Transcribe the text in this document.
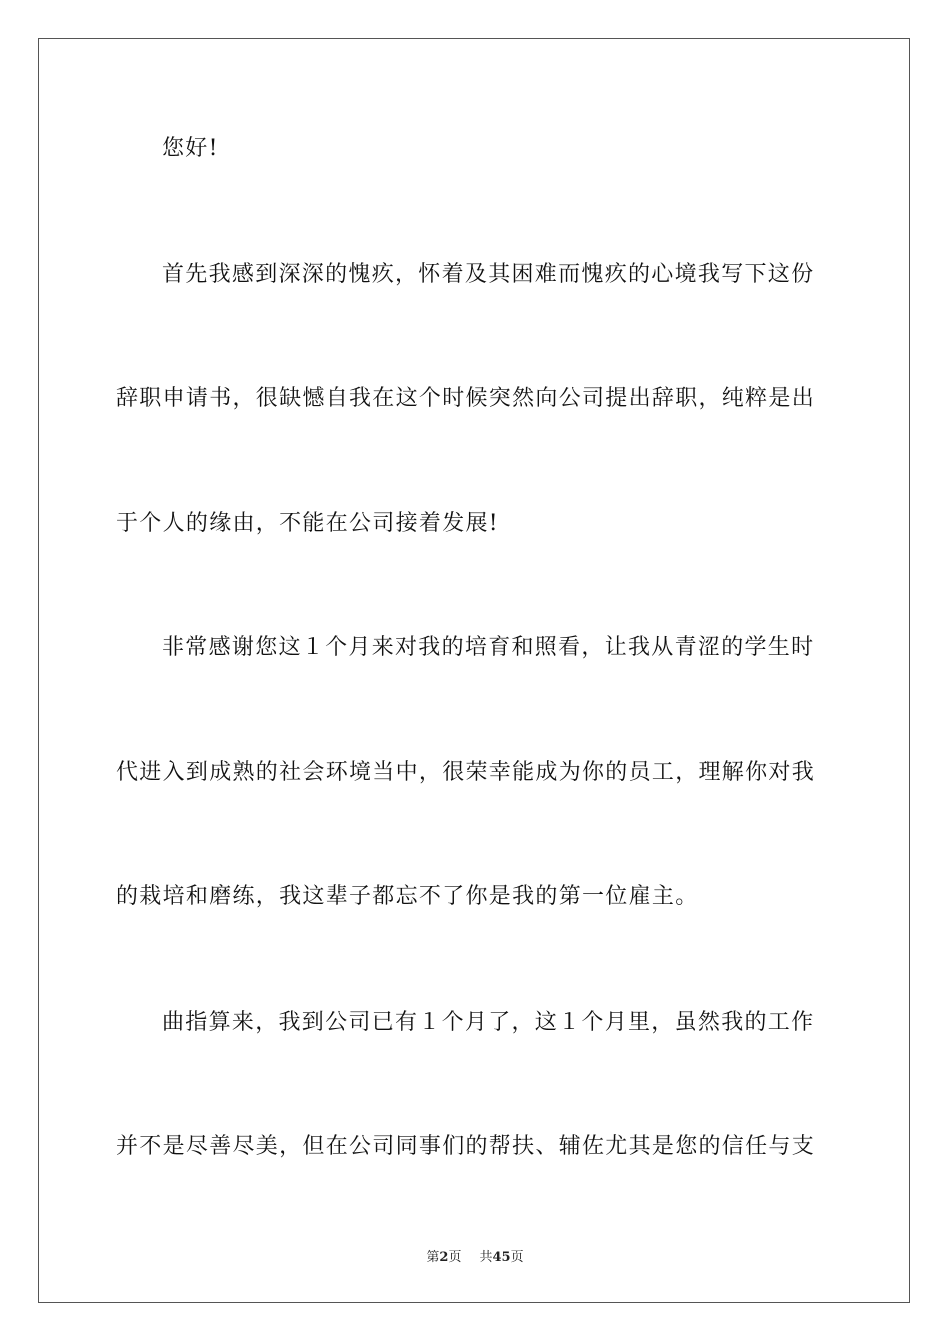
您好!
首先我感到深深的愧疚，怀着及其困难而愧疚的心境我写下这份
辞职申请书，很缺憾自我在这个时候突然向公司提出辞职，纯粹是出
于个人的缘由，不能在公司接着发展!
非常感谢您这１个月来对我的培育和照看，让我从青涩的学生时
代进入到成熟的社会环境当中，很荣幸能成为你的员工，理解你对我
的栽培和磨练，我这辈子都忘不了你是我的第一位雇主。
曲指算来，我到公司已有１个月了，这１个月里，虽然我的工作
并不是尽善尽美，但在公司同事们的帮扶、辅佐尤其是您的信任与支
第2页 共45页
